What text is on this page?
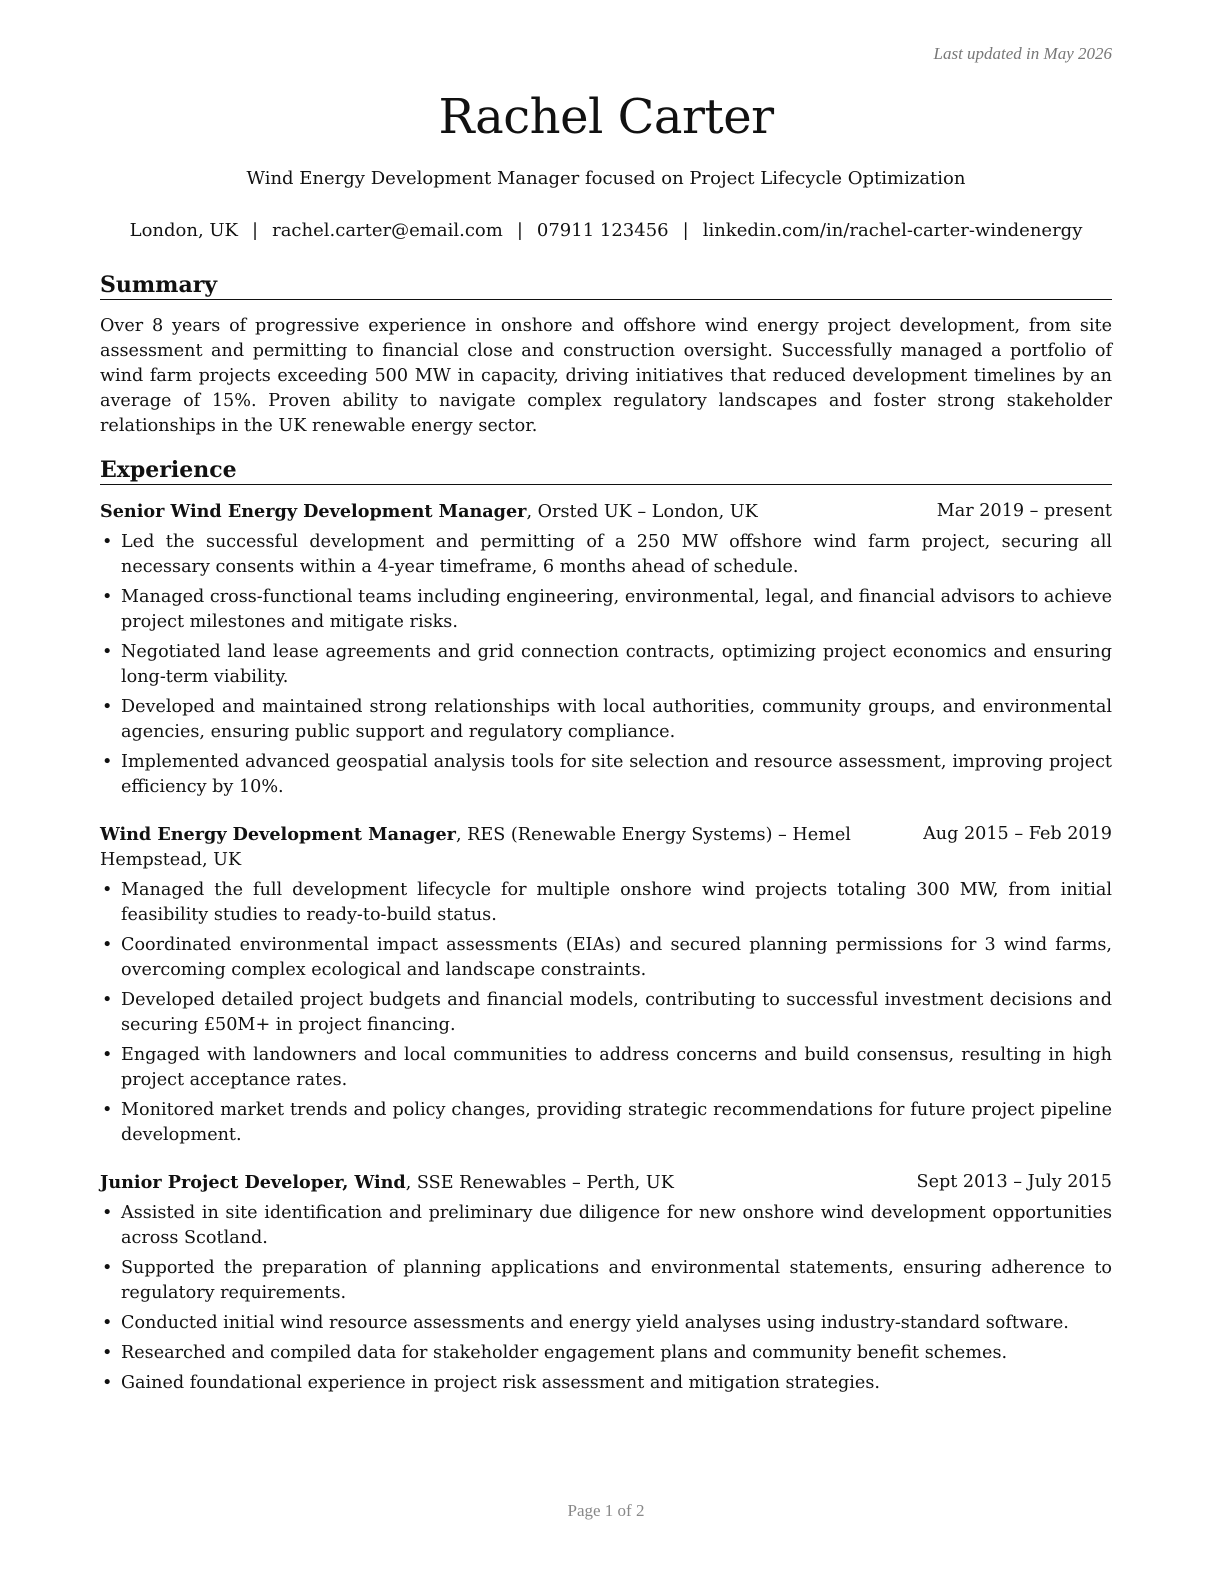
Last updated in May 2026
Rachel Carter
Wind Energy Development Manager focused on Project Lifecycle Optimization
London, UK | rachel.carter@email.com | 07911 123456 | linkedin.com/in/rachel-carter-windenergy
Summary

Over 8 years of progressive experience in onshore and offshore wind energy project development, from site assessment and permitting to financial close and construction oversight. Successfully managed a portfolio of wind farm projects exceeding 500 MW in capacity, driving initiatives that reduced development timelines by an average of 15%. Proven ability to navigate complex regulatory landscapes and foster strong stakeholder relationships in the UK renewable energy sector.

Experience
Senior Wind Energy Development Manager, Orsted UK – London, UK	Mar 2019 – present
• Led the successful development and permitting of a 250 MW offshore wind farm project, securing all necessary consents within a 4-year timeframe, 6 months ahead of schedule.
• Managed cross-functional teams including engineering, environmental, legal, and financial advisors to achieve project milestones and mitigate risks.
• Negotiated land lease agreements and grid connection contracts, optimizing project economics and ensuring long-term viability.
• Developed and maintained strong relationships with local authorities, community groups, and environmental agencies, ensuring public support and regulatory compliance.
• Implemented advanced geospatial analysis tools for site selection and resource assessment, improving project efficiency by 10%.
Wind Energy Development Manager, RES (Renewable Energy Systems) – Hemel Hempstead, UK
Aug 2015 – Feb 2019
• Managed the full development lifecycle for multiple onshore wind projects totaling 300 MW, from initial feasibility studies to ready-to-build status.
• Coordinated environmental impact assessments (EIAs) and secured planning permissions for 3 wind farms, overcoming complex ecological and landscape constraints.
• Developed detailed project budgets and financial models, contributing to successful investment decisions and securing £50M+ in project financing.
• Engaged with landowners and local communities to address concerns and build consensus, resulting in high project acceptance rates.
• Monitored market trends and policy changes, providing strategic recommendations for future project pipeline development.
Junior Project Developer, Wind, SSE Renewables – Perth, UK	Sept 2013 – July 2015
• Assisted in site identification and preliminary due diligence for new onshore wind development opportunities across Scotland.
• Supported the preparation of planning applications and environmental statements, ensuring adherence to regulatory requirements.
• Conducted initial wind resource assessments and energy yield analyses using industry-standard software.
• Researched and compiled data for stakeholder engagement plans and community benefit schemes.
• Gained foundational experience in project risk assessment and mitigation strategies.
Page 1 of 2
